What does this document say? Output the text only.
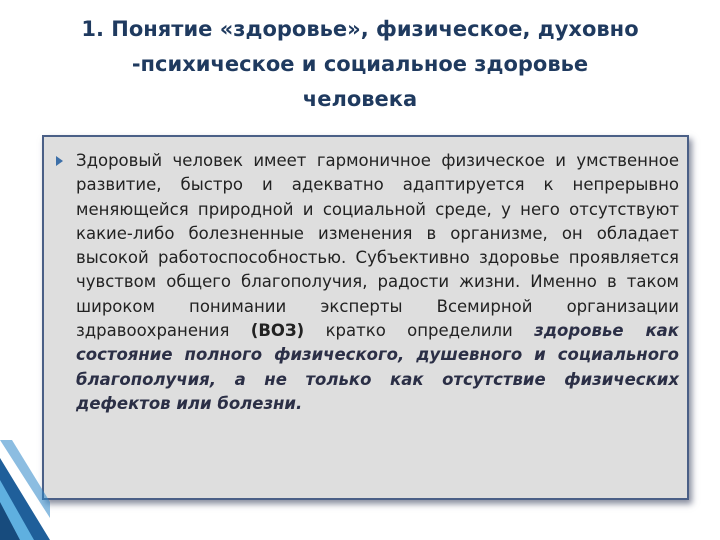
1. Понятие «здоровье», физическое, духовно
-психическое и социальное здоровье
человека

Здоровый человек имеет гармоничное физическое и умственное развитие, быстро и адекватно адаптируется к непрерывно меняющейся природной и социальной среде, у него отсутствуют какие-либо болезненные изменения в организме, он обладает высокой работоспособностью. Субъективно здоровье проявляется чувством общего благополучия, радости жизни. Именно в таком широком понимании эксперты Всемирной организации здравоохранения (ВОЗ) кратко определили здоровье как состояние полного физического, душевного и социального благополучия, а не только как отсутствие физических дефектов или болезни.
